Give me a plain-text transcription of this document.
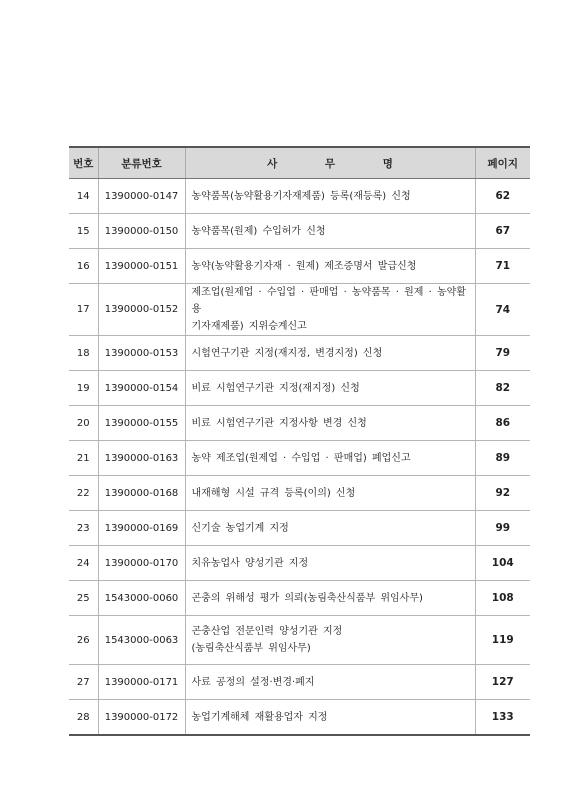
번호	분류번호	사 무 명	페이지
14	1390000-0147	농약품목(농약활용기자재제품) 등록(재등록) 신청	62
15	1390000-0150	농약품목(원제) 수입허가 신청	67
16	1390000-0151	농약(농약활용기자재 · 원제) 제조증명서 발급신청	71
17	1390000-0152	제조업(원제업 · 수입업 · 판매업 · 농약품목 · 원제 · 농약활용
기자재제품) 지위승계신고	74
18	1390000-0153	시험연구기관 지정(재지정, 변경지정) 신청	79
19	1390000-0154	비료 시험연구기관 지정(재지정) 신청	82
20	1390000-0155	비료 시험연구기관 지정사항 변경 신청	86
21	1390000-0163	농약 제조업(원제업 · 수입업 · 판매업) 폐업신고	89
22	1390000-0168	내재해형 시설 규격 등록(이의) 신청	92
23	1390000-0169	신기술 농업기계 지정	99
24	1390000-0170	치유농업사 양성기관 지정	104
25	1543000-0060	곤충의 위해성 평가 의뢰(농림축산식품부 위임사무)	108
26	1543000-0063	곤충산업 전문인력 양성기관 지정
(농림축산식품부 위임사무)	119
27	1390000-0171	사료 공정의 설정·변경·폐지	127
28	1390000-0172	농업기계해체 재활용업자 지정	133
